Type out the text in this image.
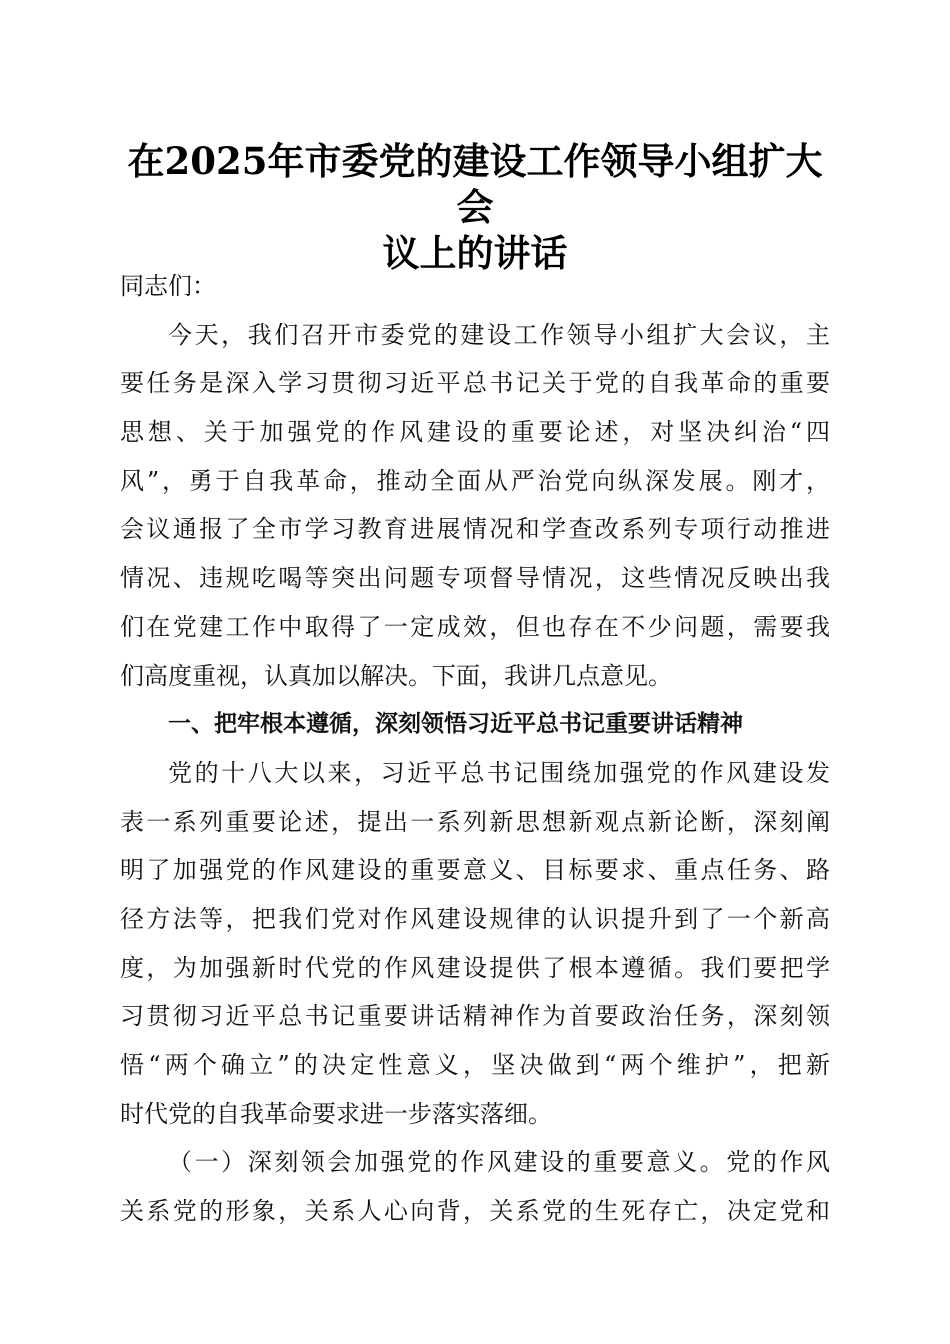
在2025年市委党的建设工作领导小组扩大会
议上的讲话
同志们：
今天，我们召开市委党的建设工作领导小组扩大会议，主
要任务是深入学习贯彻习近平总书记关于党的自我革命的重要
思想、关于加强党的作风建设的重要论述，对坚决纠治“四
风”，勇于自我革命，推动全面从严治党向纵深发展。刚才，
会议通报了全市学习教育进展情况和学查改系列专项行动推进
情况、违规吃喝等突出问题专项督导情况，这些情况反映出我
们在党建工作中取得了一定成效，但也存在不少问题，需要我
们高度重视，认真加以解决。下面，我讲几点意见。
一、把牢根本遵循，深刻领悟习近平总书记重要讲话精神
党的十八大以来，习近平总书记围绕加强党的作风建设发
表一系列重要论述，提出一系列新思想新观点新论断，深刻阐
明了加强党的作风建设的重要意义、目标要求、重点任务、路
径方法等，把我们党对作风建设规律的认识提升到了一个新高
度，为加强新时代党的作风建设提供了根本遵循。我们要把学
习贯彻习近平总书记重要讲话精神作为首要政治任务，深刻领
悟“两个确立”的决定性意义，坚决做到“两个维护”，把新
时代党的自我革命要求进一步落实落细。
（一）深刻领会加强党的作风建设的重要意义。党的作风
关系党的形象，关系人心向背，关系党的生死存亡，决定党和
